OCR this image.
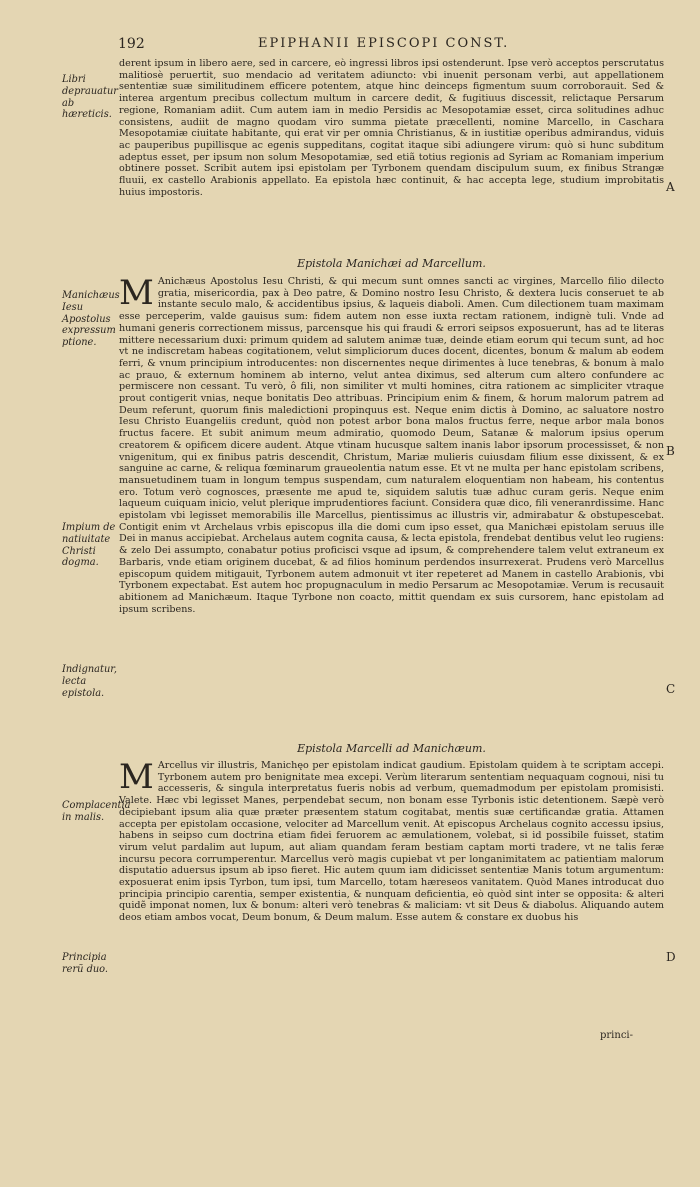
192	EPIPHANII EPISCOPI CONST.

derent ipsum in libero aere, sed in carcere, eò ingressi libros ipsi ostenderunt. Ipse verò acceptos perscrutatus malitiosè peruertit, suo mendacio ad veritatem adiuncto: vbi inuenit personam verbi, aut appellationem sententiæ suæ similitudinem efficere potentem, atque hinc deinceps figmentum suum corroborauit. Sed & interea argentum precibus collectum multum in carcere dedit, & fugitiuus discessit, relictaque Persarum regione, Romaniam adiit. Cum autem iam in medio Persidis ac Mesopotamiæ esset, circa solitudines adhuc consistens, audiit de magno quodam viro summa pietate præcellenti, nomine Marcello, in Caschara Mesopotamiæ ciuitate habitante, qui erat vir per omnia Christianus, & in iustitiæ operibus admirandus, viduis ac pauperibus pupillisque ac egenis suppeditans, cogitat itaque sibi adiungere virum: quò si hunc subditum adeptus esset, per ipsum non solum Mesopotamiæ, sed etiã totius regionis ad Syriam ac Romaniam imperium obtinere posset. Scribit autem ipsi epistolam per Tyrbonem quendam discipulum suum, ex finibus Strangæ fluuii, ex castello Arabionis appellato. Ea epistola hæc continuit, & hac accepta lege, studium improbitatis huius impostoris.

Epistola Manichæi ad Marcellum.

M Anichæus Apostolus Iesu Christi, & qui mecum sunt omnes sancti ac virgines, Marcello filio dilecto gratia, misericordia, pax à Deo patre, & Domino nostro Iesu Christo, & dextera lucis conseruet te ab instante seculo malo, & accidentibus ipsius, & laqueis diaboli. Amen. Cum dilectionem tuam maximam esse perceperim, valde gauisus sum: fidem autem non esse iuxta rectam rationem, indignè tuli. Vnde ad humani generis correctionem missus, parcensque his qui fraudi & errori seipsos exposuerunt, has ad te literas mittere necessarium duxi: primum quidem ad salutem animæ tuæ, deinde etiam eorum qui tecum sunt, ad hoc vt ne indiscretam habeas cogitationem, velut simpliciorum duces docent, dicentes, bonum & malum ab eodem ferri, & vnum principium introducentes: non discernentes neque dirimentes à luce tenebras, & bonum à malo ac prauo, & externum hominem ab interno, velut antea diximus, sed alterum cum altero confundere ac permiscere non cessant. Tu verò, ô fili, non similiter vt multi homines, citra rationem ac simpliciter vtraque prout contigerit vnias, neque bonitatis Deo attribuas. Principium enim & finem, & horum malorum patrem ad Deum referunt, quorum finis maledictioni propinquus est. Neque enim dictis à Domino, ac saluatore nostro Iesu Christo Euangeliis credunt, quòd non potest arbor bona malos fructus ferre, neque arbor mala bonos fructus facere. Et subit animum meum admiratio, quomodo Deum, Satanæ & malorum ipsius operum creatorem & opificem dicere audent. Atque vtinam hucusque saltem inanis labor ipsorum processisset, & non vnigenitum, qui ex finibus patris descendit, Christum, Mariæ mulieris cuiusdam filium esse dixissent, & ex sanguine ac carne, & reliqua fœminarum graueolentia natum esse. Et vt ne multa per hanc epistolam scribens, mansuetudinem tuam in longum tempus suspendam, cum naturalem eloquentiam non habeam, his contentus ero. Totum verò cognosces, præsente me apud te, siquidem salutis tuæ adhuc curam geris. Neque enim laqueum cuiquam inicio, velut plerique imprudentiores faciunt. Considera quæ dico, fili veneranrdissime. Hanc epistolam vbi legisset memorabilis ille Marcellus, pientissimus ac illustris vir, admirabatur & obstupescebat. Contigit enim vt Archelaus vrbis episcopus illa die domi cum ipso esset, qua Manichæi epistolam seruus ille Dei in manus accipiebat. Archelaus autem cognita causa, & lecta epistola, frendebat dentibus velut leo rugiens: & zelo Dei assumpto, conabatur potius proficisci vsque ad ipsum, & comprehendere talem velut extraneum ex Barbaris, vnde etiam originem ducebat, & ad filios hominum perdendos insurrexerat. Prudens verò Marcellus episcopum quidem mitigauit, Tyrbonem autem admonuit vt iter repeteret ad Manem in castello Arabionis, vbi Tyrbonem expectabat. Est autem hoc propugnaculum in medio Persarum ac Mesopotamiæ. Verum is recusauit abitionem ad Manichæum. Itaque Tyrbone non coacto, mittit quendam ex suis cursorem, hanc epistolam ad ipsum scribens.

Epistola Marcelli ad Manichæum.

M Arcellus vir illustris, Manichęo per epistolam indicat gaudium. Epistolam quidem à te scriptam accepi. Tyrbonem autem pro benignitate mea excepi. Verùm literarum sententiam nequaquam cognoui, nisi tu accesseris, & singula interpretatus fueris nobis ad verbum, quemadmodum per epistolam promisisti. Valete. Hæc vbi legisset Manes, perpendebat secum, non bonam esse Tyrbonis istic detentionem. Sæpè verò decipiebant ipsum alia quæ præter præsentem statum cogitabat, mentis suæ certificandæ gratia. Attamen accepta per epistolam occasione, velociter ad Marcellum venit. At episcopus Archelaus cognito accessu ipsius, habens in seipso cum doctrina etiam fidei feruorem ac æmulationem, volebat, si id possibile fuisset, statim virum velut pardalim aut lupum, aut aliam quandam feram bestiam captam morti tradere, vt ne talis feræ incursu pecora corrumperentur. Marcellus verò magis cupiebat vt per longanimitatem ac patientiam malorum disputatio aduersus ipsum ab ipso fieret. Hic autem quum iam didicisset sententiæ Manis totum argumentum: exposuerat enim ipsis Tyrbon, tum ipsi, tum Marcello, totam hæreseos vanitatem. Quòd Manes introducat duo principia principio carentia, semper existentia, & nunquam deficientia, eò quòd sint inter se opposita: & alteri quidẽ imponat nomen, lux & bonum: alteri verò tenebras & maliciam: vt sit Deus & diabolus. Aliquando autem deos etiam ambos vocat, Deum bonum, & Deum malum. Esse autem & constare ex duobus his

Libri deprauatur ab hæreticis.
Manichæus Iesu Apostolus expressum ptione.
Impium de natiuitate Christi dogma.
Indignatur, lecta epistola.
Complacentia in malis.
Principia rerũ duo.
A
B
C
D
princi-
